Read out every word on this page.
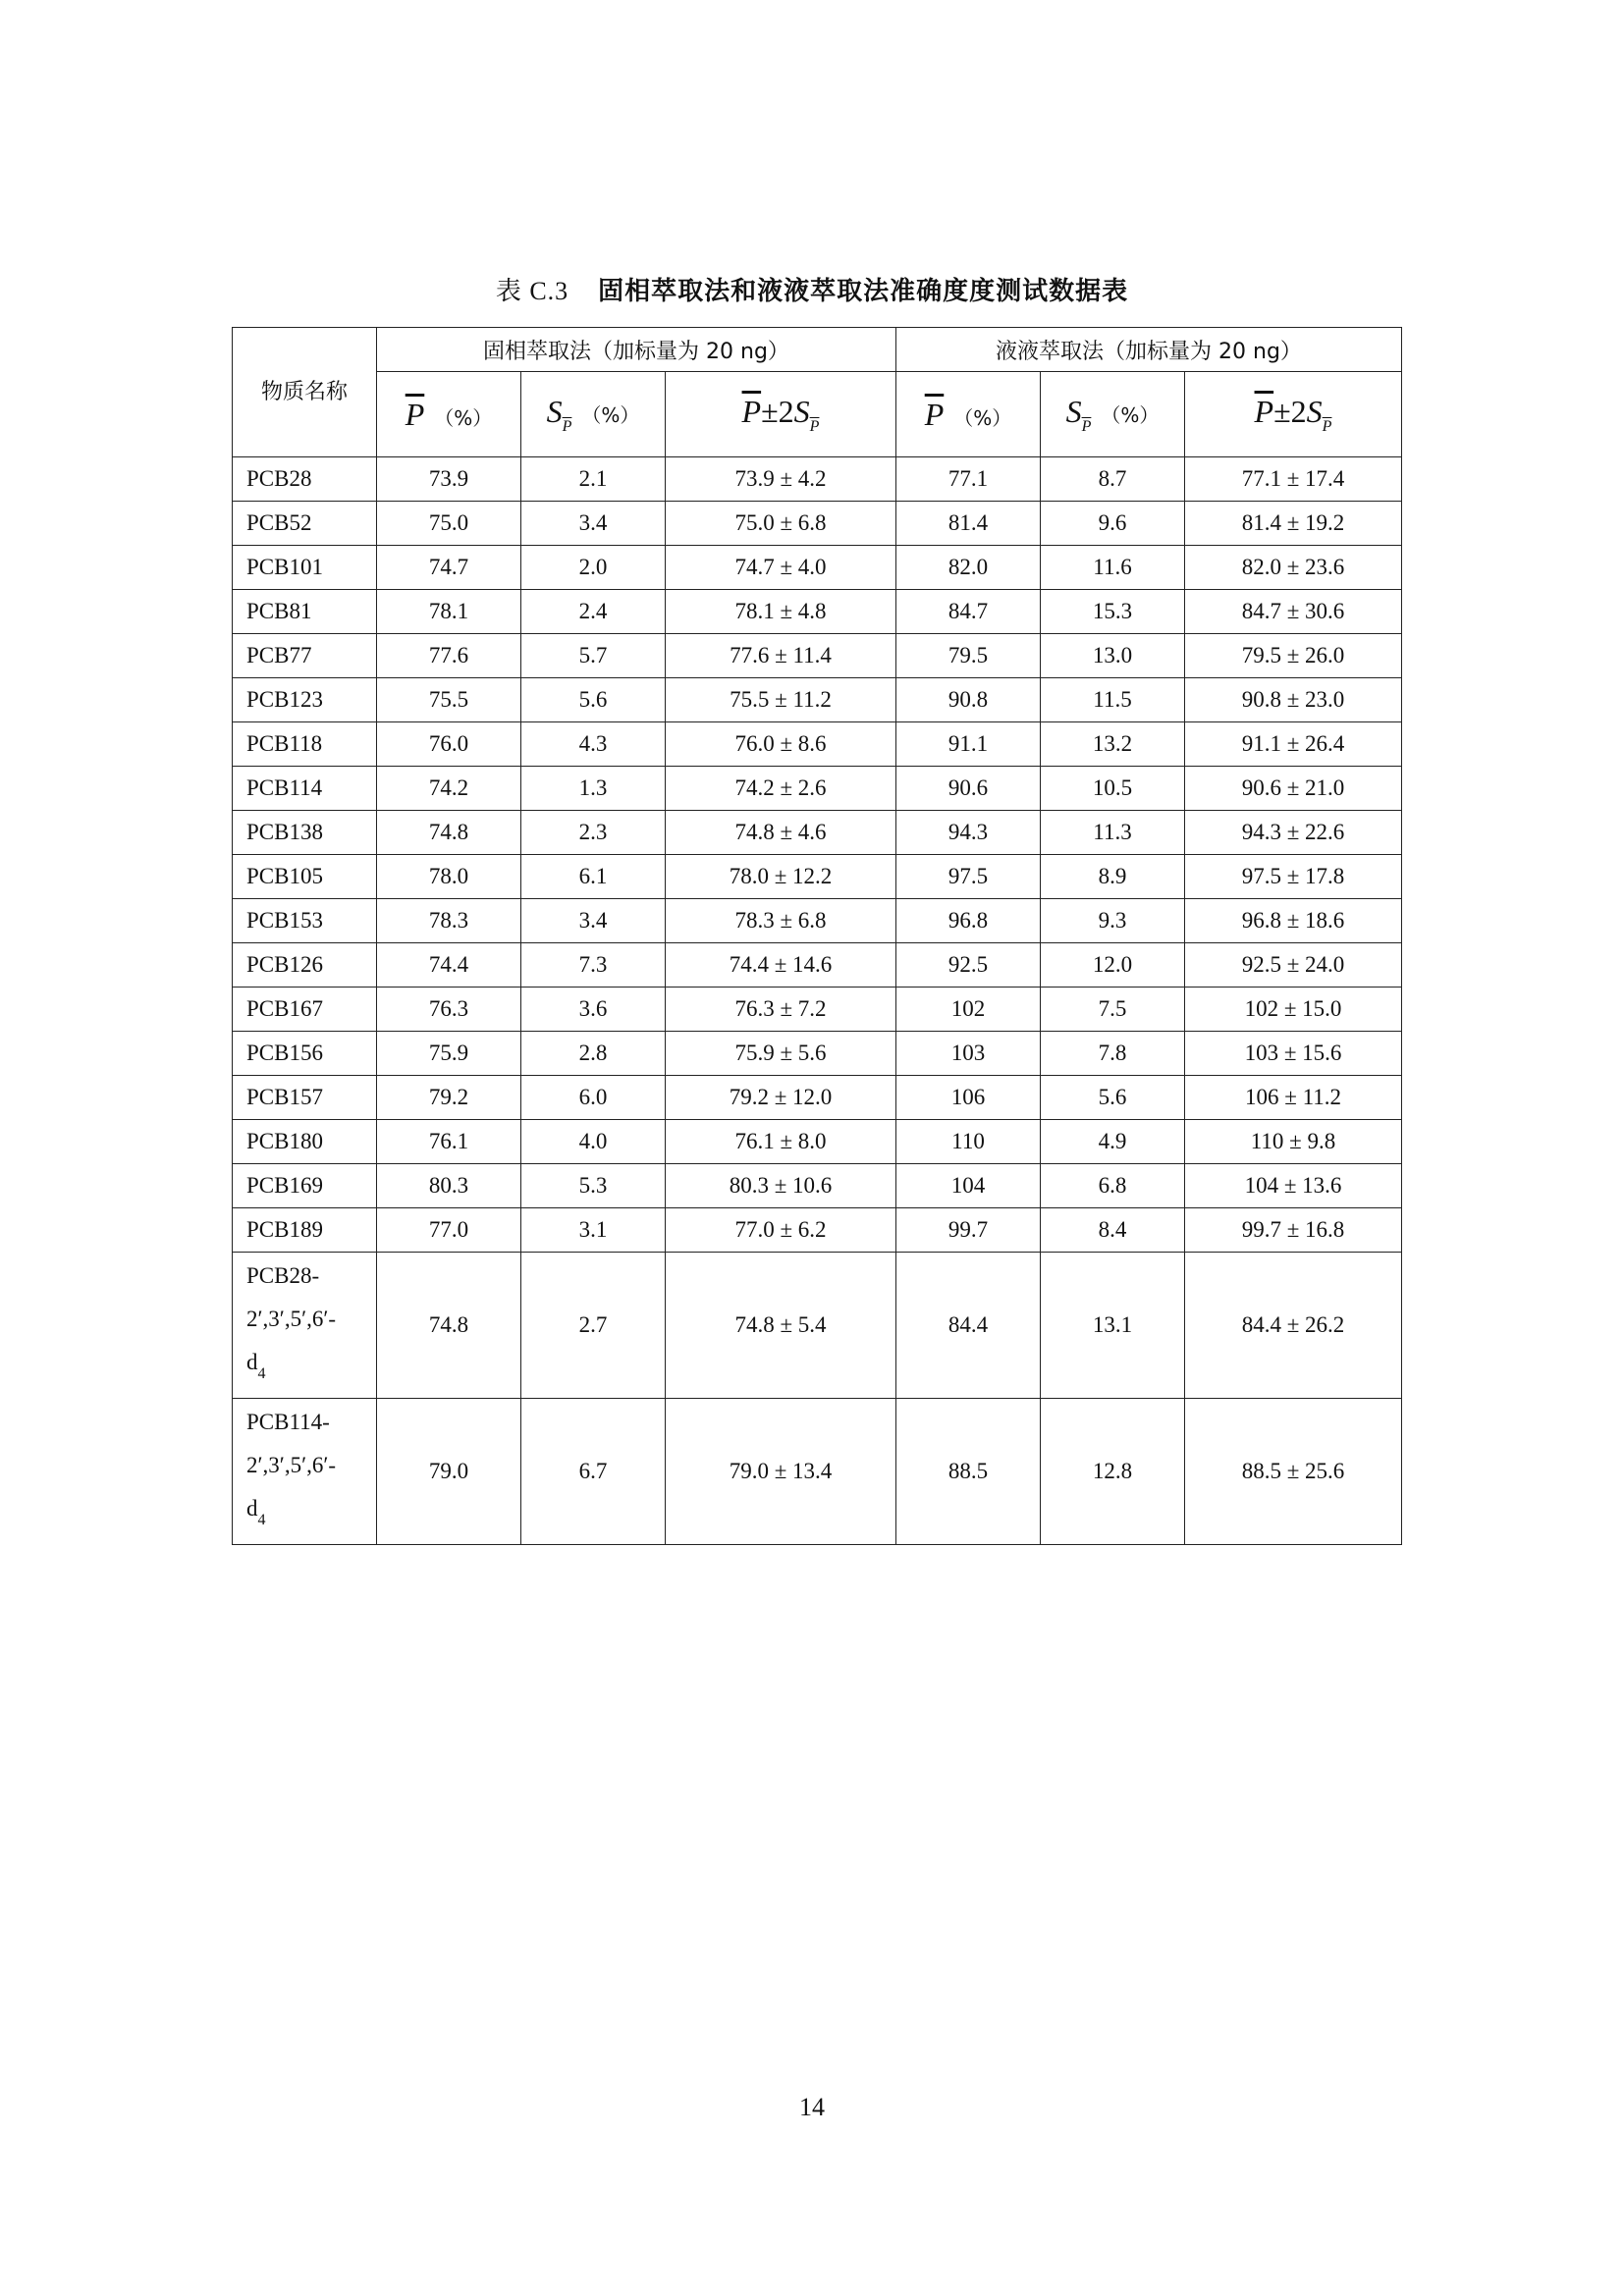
表 C.3 固相萃取法和液液萃取法准确度度测试数据表
物质名称	固相萃取法（加标量为 20 ng）			液液萃取法（加标量为 20 ng）		
	$\overline{P}$ （%）	$S_{\overline{P}}$ （%）	$\overline{P}\pm 2S_{\overline{P}}$	$\overline{P}$ （%）	$S_{\overline{P}}$ （%）	$\overline{P}\pm 2S_{\overline{P}}$
PCB28	73.9	2.1	73.9 ± 4.2	77.1	8.7	77.1 ± 17.4
PCB52	75.0	3.4	75.0 ± 6.8	81.4	9.6	81.4 ± 19.2
PCB101	74.7	2.0	74.7 ± 4.0	82.0	11.6	82.0 ± 23.6
PCB81	78.1	2.4	78.1 ± 4.8	84.7	15.3	84.7 ± 30.6
PCB77	77.6	5.7	77.6 ± 11.4	79.5	13.0	79.5 ± 26.0
PCB123	75.5	5.6	75.5 ± 11.2	90.8	11.5	90.8 ± 23.0
PCB118	76.0	4.3	76.0 ± 8.6	91.1	13.2	91.1 ± 26.4
PCB114	74.2	1.3	74.2 ± 2.6	90.6	10.5	90.6 ± 21.0
PCB138	74.8	2.3	74.8 ± 4.6	94.3	11.3	94.3 ± 22.6
PCB105	78.0	6.1	78.0 ± 12.2	97.5	8.9	97.5 ± 17.8
PCB153	78.3	3.4	78.3 ± 6.8	96.8	9.3	96.8 ± 18.6
PCB126	74.4	7.3	74.4 ± 14.6	92.5	12.0	92.5 ± 24.0
PCB167	76.3	3.6	76.3 ± 7.2	102	7.5	102 ± 15.0
PCB156	75.9	2.8	75.9 ± 5.6	103	7.8	103 ± 15.6
PCB157	79.2	6.0	79.2 ± 12.0	106	5.6	106 ± 11.2
PCB180	76.1	4.0	76.1 ± 8.0	110	4.9	110 ± 9.8
PCB169	80.3	5.3	80.3 ± 10.6	104	6.8	104 ± 13.6
PCB189	77.0	3.1	77.0 ± 6.2	99.7	8.4	99.7 ± 16.8
PCB28-
2′,3′,5′,6′-
$d_4$	74.8	2.7	74.8 ± 5.4	84.4	13.1	84.4 ± 26.2
PCB114-
2′,3′,5′,6′-
$d_4$	79.0	6.7	79.0 ± 13.4	88.5	12.8	88.5 ± 25.6
14
